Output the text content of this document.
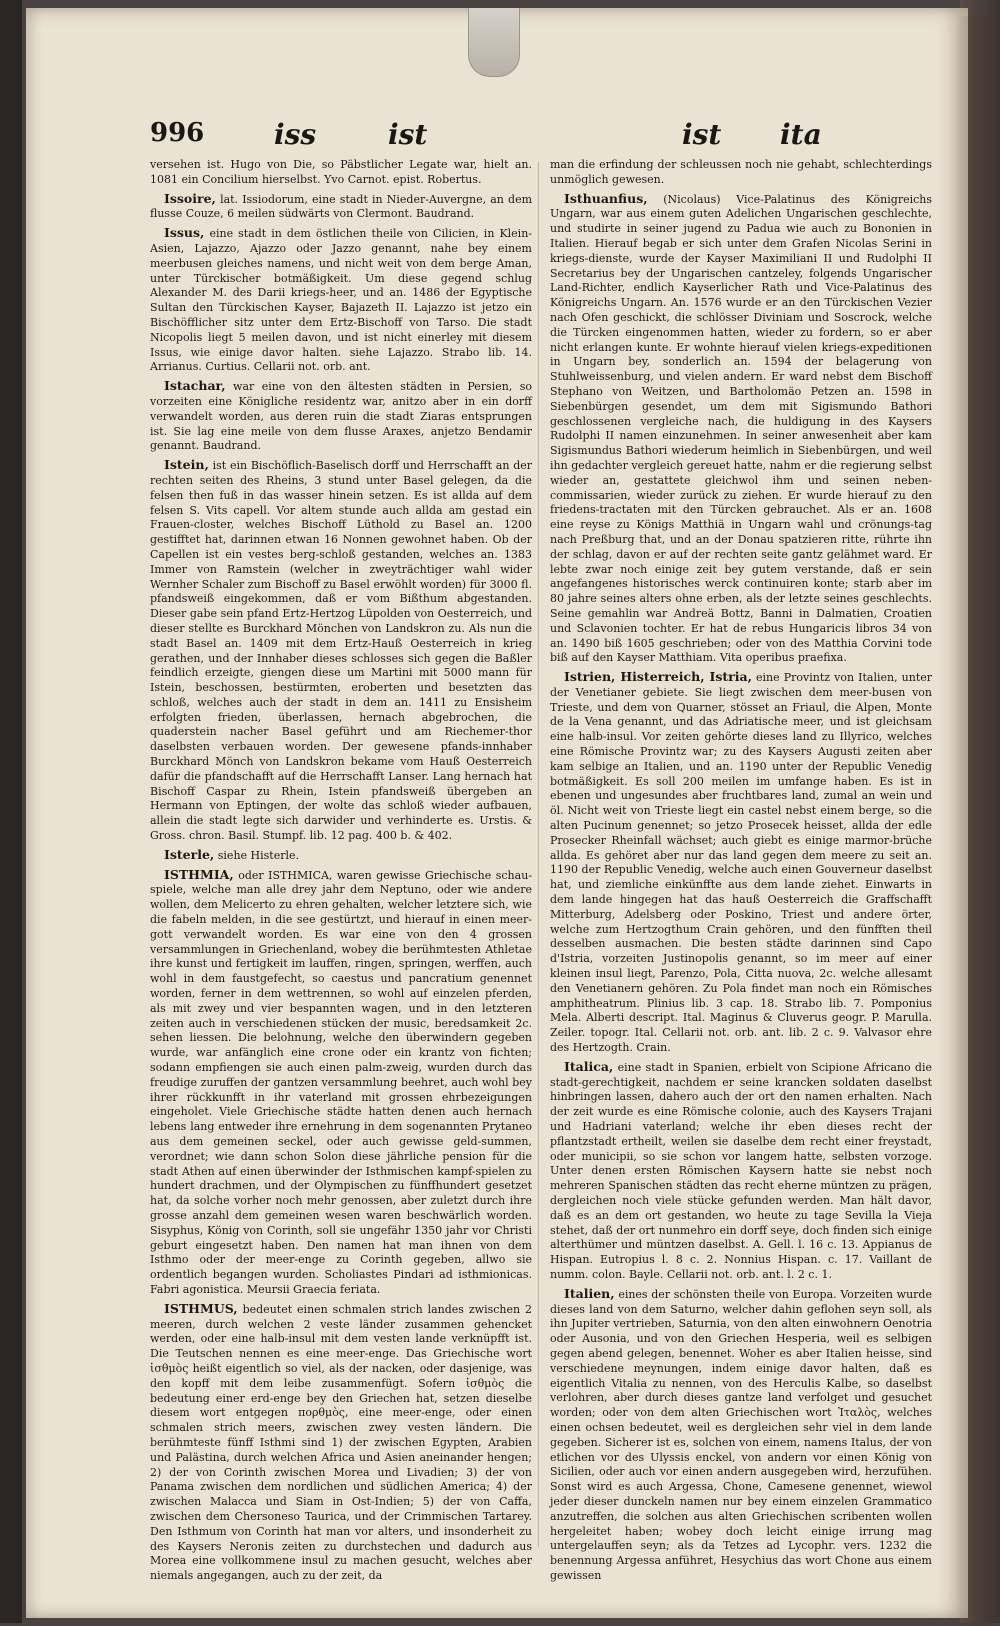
996 iss	ist	ist ita

versehen ist. Hugo von Die, so Päbstlicher Legate war, hielt an. 1081 ein Concilium hierselbst. Yvo Carnot. epist. Robertus.

Issoire, lat. Issiodorum, eine stadt in Nieder-Auvergne, an dem flusse Couze, 6 meilen südwärts von Clermont. Baudrand.

Issus, eine stadt in dem östlichen theile von Cilicien, in Klein-Asien, Lajazzo, Ajazzo oder Jazzo genannt, nahe bey einem meerbusen gleiches namens, und nicht weit von dem berge Aman, unter Türckischer botmäßigkeit. Um diese gegend schlug Alexander M. des Darii kriegs-heer, und an. 1486 der Egyptische Sultan den Türckischen Kayser, Bajazeth II. Lajazzo ist jetzo ein Bischöfflicher sitz unter dem Ertz-Bischoff von Tarso. Die stadt Nicopolis liegt 5 meilen davon, und ist nicht einerley mit diesem Issus, wie einige davor halten. siehe Lajazzo. Strabo lib. 14. Arrianus. Curtius. Cellarii not. orb. ant.

Istachar, war eine von den ältesten städten in Persien, so vorzeiten eine Königliche residentz war, anitzo aber in ein dorff verwandelt worden, aus deren ruin die stadt Ziaras entsprungen ist. Sie lag eine meile von dem flusse Araxes, anjetzo Bendamir genannt. Baudrand.

Istein, ist ein Bischöflich-Baselisch dorff und Herrschafft an der rechten seiten des Rheins, 3 stund unter Basel gelegen, da die felsen thеn fuß in das wasser hinein setzen. Es ist allda auf dem felsen S. Vits capell. Vor altem stunde auch allda am gestad ein Frauen-closter, welches Bischoff Lüthold zu Basel an. 1200 gestifftet hat, darinnen etwan 16 Nonnen gewohnet haben. Ob der Capellen ist ein vestes berg-schloß gestanden, welches an. 1383 Immer von Ramstein (welcher in zweyträchtiger wahl wider Wernher Schaler zum Bischoff zu Basel erwöhlt worden) für 3000 fl. pfandsweiß eingekommen, daß er vom Bißthum abgestanden. Dieser gabe sein pfand Ertz-Hertzog Lüpolden von Oesterreich, und dieser stellte es Burckhard Mönchen von Landskron zu. Als nun die stadt Basel an. 1409 mit dem Ertz-Hauß Oesterreich in krieg gerathen, und der Innhaber dieses schlosses sich gegen die Baßler feindlich erzeigte, giengen diese um Martini mit 5000 mann für Istein, beschossen, bestürmten, eroberten und besetzten das schloß, welches auch der stadt in dem an. 1411 zu Ensisheim erfolgten frieden, überlassen, hernach abgebrochen, die quaderstein nacher Basel geführt und am Riechemer-thor daselbsten verbauen worden. Der gewesene pfands-innhaber Burckhard Mönch von Landskron bekame vom Hauß Oesterreich dafür die pfandschafft auf die Herrschafft Lanser. Lang hernach hat Bischoff Caspar zu Rhein, Istein pfandsweiß übergeben an Hermann von Eptingen, der wolte das schloß wieder aufbauen, allein die stadt legte sich darwider und verhinderte es. Urstis. & Gross. chron. Basil. Stumpf. lib. 12 pag. 400 b. & 402.

Isterle, siehe Histerle.

ISTHMIA, oder ISTHMICA, waren gewisse Griechische schau-spiele, welche man alle drey jahr dem Neptuno, oder wie andere wollen, dem Melicerto zu ehren gehalten, welcher letztere sich, wie die fabeln melden, in die see gestürtzt, und hierauf in einen meer-gott verwandelt worden. Es war eine von den 4 grossen versammlungen in Griechenland, wobey die berühmtesten Athletae ihre kunst und fertigkeit im lauffen, ringen, springen, werffen, auch wohl in dem faustgefecht, so caestus und pancratium genennet worden, ferner in dem wettrennen, so wohl auf einzelen pferden, als mit zwey und vier bespannten wagen, und in den letzteren zeiten auch in verschiedenen stücken der music, beredsamkeit 2c. sehen liessen. Die belohnung, welche den überwindern gegeben wurde, war anfänglich eine crone oder ein krantz von fichten; sodann empfiengen sie auch einen palm-zweig, wurden durch das freudige zuruffen der gantzen versammlung beehret, auch wohl bey ihrer rückkunfft in ihr vaterland mit grossen ehrbezeigungen eingeholet. Viele Griechische städte hatten denen auch hernach lebens lang entweder ihre ernehrung in dem sogenannten Prytaneo aus dem gemeinen seckel, oder auch gewisse geld-summen, verordnet; wie dann schon Solon diese jährliche pension für die stadt Athen auf einen überwinder der Isthmischen kampf-spielen zu hundert drachmen, und der Olympischen zu fünffhundert gesetzet hat, da solche vorher noch mehr genossen, aber zuletzt durch ihre grosse anzahl dem gemeinen wesen waren beschwärlich worden. Sisyphus, König von Corinth, soll sie ungefähr 1350 jahr vor Christi geburt eingesetzt haben. Den namen hat man ihnen von dem Isthmo oder der meer-enge zu Corinth gegeben, allwo sie ordentlich begangen wurden. Scholiastes Pindari ad isthmionicas. Fabri agonistica. Meursii Graecia feriata.

ISTHMUS, bedeutet einen schmalen strich landes zwischen 2 meeren, durch welchen 2 veste länder zusammen gehencket werden, oder eine halb-insul mit dem vesten lande verknüpfft ist. Die Teutschen nennen es eine meer-enge. Das Griechische wort ἰσθμὸς heißt eigentlich so viel, als der nacken, oder dasjenige, was den kopff mit dem leibe zusammenfügt. Sofern ἰσθμὸς die bedeutung einer erd-enge bey den Griechen hat, setzen dieselbe diesem wort entgegen πορθμὸς, eine meer-enge, oder einen schmalen strich meers, zwischen zwey vesten ländern. Die berühmteste fünff Isthmi sind 1) der zwischen Egypten, Arabien und Palästina, durch welchen Africa und Asien aneinander hengen; 2) der von Corinth zwischen Morea und Livadien; 3) der von Panama zwischen dem nordlichen und südlichen America; 4) der zwischen Malacca und Siam in Ost-Indien; 5) der von Caffa, zwischen dem Chersoneso Taurica, und der Crimmischen Tartarey. Den Isthmum von Corinth hat man vor alters, und insonderheit zu des Kaysers Neronis zeiten zu durchstechen und dadurch aus Morea eine vollkommene insul zu machen gesucht, welches aber niemals angegangen, auch zu der zeit, da

man die erfindung der schleussen noch nie gehabt, schlechterdings unmöglich gewesen.

Isthuanfius, (Nicolaus) Vice-Palatinus des Königreichs Ungarn, war aus einem guten Adelichen Ungarischen geschlechte, und studirte in seiner jugend zu Padua wie auch zu Bononien in Italien. Hierauf begab er sich unter dem Grafen Nicolas Serini in kriegs-dienste, wurde der Kayser Maximiliani II und Rudolphi II Secretarius bey der Ungarischen cantzeley, folgends Ungarischer Land-Richter, endlich Kayserlicher Rath und Vice-Palatinus des Königreichs Ungarn. An. 1576 wurde er an den Türckischen Vezier nach Ofen geschickt, die schlösser Diviniam und Soscrock, welche die Türcken eingenommen hatten, wieder zu fordern, so er aber nicht erlangen kunte. Er wohnte hierauf vielen kriegs-expeditionen in Ungarn bey, sonderlich an. 1594 der belagerung von Stuhlweissenburg, und vielen andern. Er ward nebst dem Bischoff Stephano von Weitzen, und Bartholomäo Petzen an. 1598 in Siebenbürgen gesendet, um dem mit Sigismundo Bathori geschlossenen vergleiche nach, die huldigung in des Kaysers Rudolphi II namen einzunehmen. In seiner anwesenheit aber kam Sigismundus Bathori wiederum heimlich in Siebenbürgen, und weil ihn gedachter vergleich gereuet hatte, nahm er die regierung selbst wieder an, gestattete gleichwol ihm und seinen neben-commissarien, wieder zurück zu ziehen. Er wurde hierauf zu den friedens-tractaten mit den Türcken gebrauchet. Als er an. 1608 eine reyse zu Königs Matthiä in Ungarn wahl und crönungs-tag nach Preßburg that, und an der Donau spatzieren ritte, rührte ihn der schlag, davon er auf der rechten seite gantz gelähmet ward. Er lebte zwar noch einige zeit bey gutem verstande, daß er sein angefangenes historisches werck continuiren konte; starb aber im 80 jahre seines alters ohne erben, als der letzte seines geschlechts. Seine gemahlin war Andreä Bottz, Banni in Dalmatien, Croatien und Sclavonien tochter. Er hat de rebus Hungaricis libros 34 von an. 1490 biß 1605 geschrieben; oder von des Matthia Corvini tode biß auf den Kayser Matthiam. Vita operibus praefixa.

Istrien, Histerreich, Istria, eine Provintz von Italien, unter der Venetianer gebiete. Sie liegt zwischen dem meer-busen von Trieste, und dem von Quarner, stösset an Friaul, die Alpen, Monte de la Vena genannt, und das Adriatische meer, und ist gleichsam eine halb-insul. Vor zeiten gehörte dieses land zu Illyrico, welches eine Römische Provintz war; zu des Kaysers Augusti zeiten aber kam selbige an Italien, und an. 1190 unter der Republic Venedig botmäßigkeit. Es soll 200 meilen im umfange haben. Es ist in ebenen und ungesundes aber fruchtbares land, zumal an wein und öl. Nicht weit von Trieste liegt ein castel nebst einem berge, so die alten Pucinum genennet; so jetzo Prosecek heisset, allda der edle Prosecker Rheinfall wächset; auch giebt es einige marmor-brüche allda. Es gehöret aber nur das land gegen dem meere zu seit an. 1190 der Republic Venedig, welche auch einen Gouverneur daselbst hat, und ziemliche einkünffte aus dem lande ziehet. Einwarts in dem lande hingegen hat das hauß Oesterreich die Graffschafft Mitterburg, Adelsberg oder Poskino, Triest und andere örter, welche zum Hertzogthum Crain gehören, und den fünfften theil desselben ausmachen. Die besten städte darinnen sind Capo d'Istria, vorzeiten Justinopolis genannt, so im meer auf einer kleinen insul liegt, Parenzo, Pola, Citta nuova, 2c. welche allesamt den Venetianern gehören. Zu Pola findet man noch ein Römisches amphitheatrum. Plinius lib. 3 cap. 18. Strabo lib. 7. Pomponius Mela. Alberti descript. Ital. Maginus & Cluverus geogr. P. Marulla. Zeiler. topogr. Ital. Cellarii not. orb. ant. lib. 2 c. 9. Valvasor ehre des Hertzogth. Crain.

Italica, eine stadt in Spanien, erbielt von Scipione Africano die stadt-gerechtigkeit, nachdem er seine krancken soldaten daselbst hinbringen lassen, dahero auch der ort den namen erhalten. Nach der zeit wurde es eine Römische colonie, auch des Kaysers Trajani und Hadriani vaterland; welche ihr eben dieses recht der pflantzstadt ertheilt, weilen sie daselbe dem recht einer freystadt, oder municipii, so sie schon vor langem hatte, selbsten vorzoge. Unter denen ersten Römischen Kaysern hatte sie nebst noch mehreren Spanischen städten das recht eherne müntzen zu prägen, dergleichen noch viele stücke gefunden werden. Man hält davor, daß es an dem ort gestanden, wo heute zu tage Sevilla la Vieja stehet, daß der ort nunmehro ein dorff seye, doch finden sich einige alterthümer und müntzen daselbst. A. Gell. l. 16 c. 13. Appianus de Hispan. Eutropius l. 8 c. 2. Nonnius Hispan. c. 17. Vaillant de numm. colon. Bayle. Cellarii not. orb. ant. l. 2 c. 1.

Italien, eines der schönsten theile von Europa. Vorzeiten wurde dieses land von dem Saturno, welcher dahin geflohen seyn soll, als ihn Jupiter vertrieben, Saturnia, von den alten einwohnern Oenotria oder Ausonia, und von den Griechen Hesperia, weil es selbigen gegen abend gelegen, benennet. Woher es aber Italien heisse, sind verschiedene meynungen, indem einige davor halten, daß es eigentlich Vitalia zu nennen, von des Herculis Kalbe, so daselbst verlohren, aber durch dieses gantze land verfolget und gesuchet worden; oder von dem alten Griechischen wort Ἰταλὸς, welches einen ochsen bedeutet, weil es dergleichen sehr viel in dem lande gegeben. Sicherer ist es, solchen von einem, namens Italus, der von etlichen vor des Ulyssis enckel, von andern vor einen König von Sicilien, oder auch vor einen andern ausgegeben wird, herzufühen. Sonst wird es auch Argessa, Chone, Camesene genennet, wiewol jeder dieser dunckeln namen nur bey einem einzelen Grammatico anzutreffen, die solchen aus alten Griechischen scribenten wollen hergeleitet haben; wobey doch leicht einige irrung mag untergelauffen seyn; als da Tetzes ad Lycophr. vers. 1232 die benennung Argessa anführet, Hesychius das wort Chone aus einem gewissen
